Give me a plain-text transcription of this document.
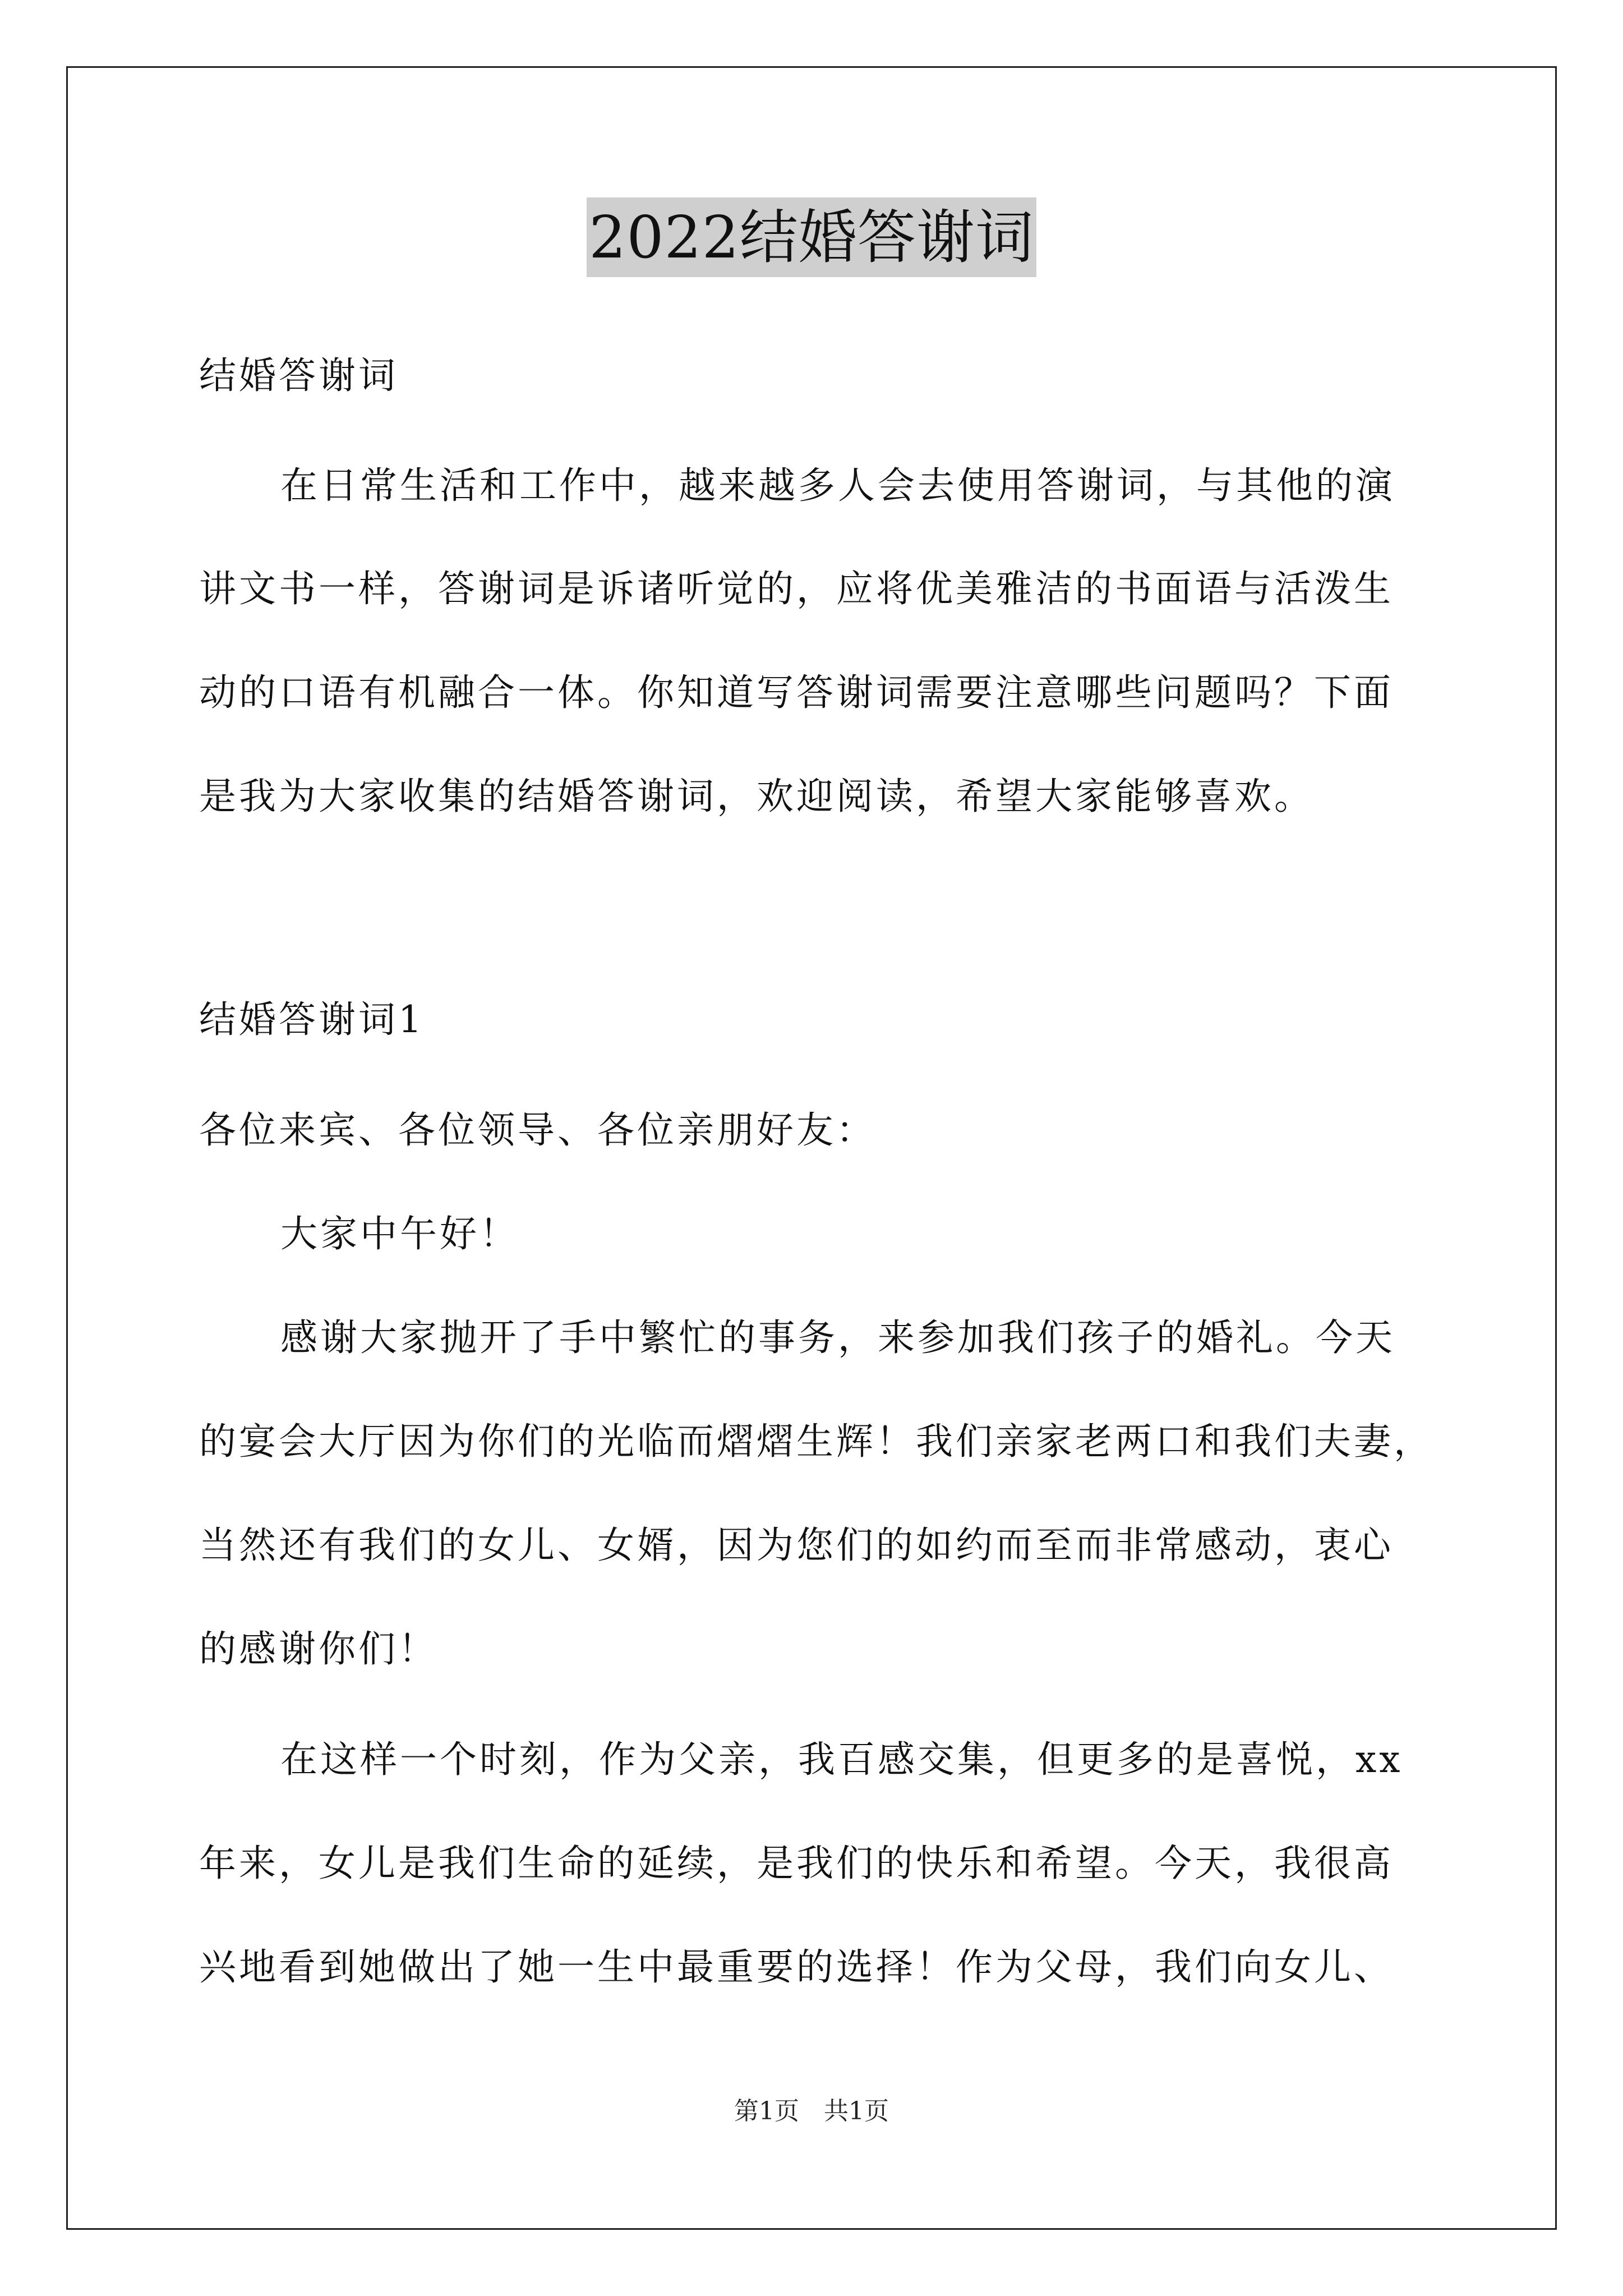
2022结婚答谢词
结婚答谢词
在日常生活和工作中，越来越多人会去使用答谢词，与其他的演
讲文书一样，答谢词是诉诸听觉的，应将优美雅洁的书面语与活泼生
动的口语有机融合一体。你知道写答谢词需要注意哪些问题吗？下面
是我为大家收集的结婚答谢词，欢迎阅读，希望大家能够喜欢。
结婚答谢词1
各位来宾、各位领导、各位亲朋好友：
大家中午好！
感谢大家抛开了手中繁忙的事务，来参加我们孩子的婚礼。今天
的宴会大厅因为你们的光临而熠熠生辉！我们亲家老两口和我们夫妻，
当然还有我们的女儿、女婿，因为您们的如约而至而非常感动，衷心
的感谢你们！
在这样一个时刻，作为父亲，我百感交集，但更多的是喜悦，xx
年来，女儿是我们生命的延续，是我们的快乐和希望。今天，我很高
兴地看到她做出了她一生中最重要的选择！作为父母，我们向女儿、
第1页　共1页
